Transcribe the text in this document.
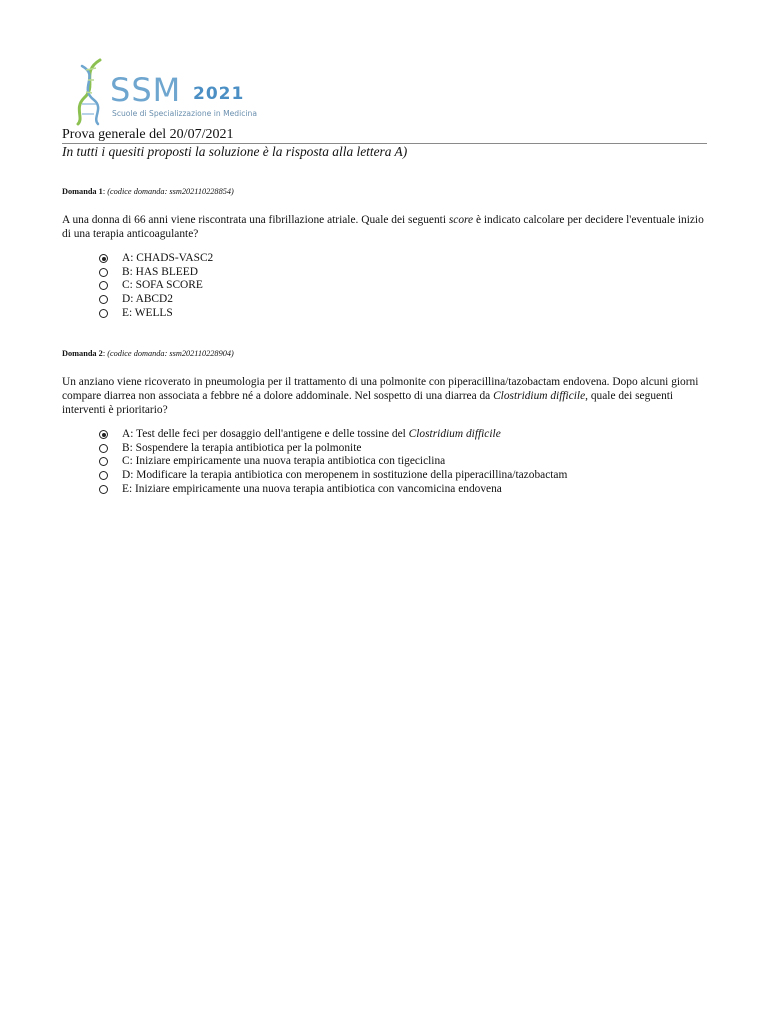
SSM 2021
Scuole di Specializzazione in Medicina
Prova generale del 20/07/2021
In tutti i quesiti proposti la soluzione è la risposta alla lettera A)
Domanda 1: (codice domanda: ssm202110228854)
A una donna di 66 anni viene riscontrata una fibrillazione atriale. Quale dei seguenti score è indicato calcolare per decidere l'eventuale inizio di una terapia anticoagulante?
A: CHADS-VASC2
B: HAS BLEED
C: SOFA SCORE
D: ABCD2
E: WELLS
Domanda 2: (codice domanda: ssm202110228904)
Un anziano viene ricoverato in pneumologia per il trattamento di una polmonite con piperacillina/tazobactam endovena. Dopo alcuni giorni compare diarrea non associata a febbre né a dolore addominale. Nel sospetto di una diarrea da Clostridium difficile, quale dei seguenti interventi è prioritario?
A: Test delle feci per dosaggio dell'antigene e delle tossine del Clostridium difficile
B: Sospendere la terapia antibiotica per la polmonite
C: Iniziare empiricamente una nuova terapia antibiotica con tigeciclina
D: Modificare la terapia antibiotica con meropenem in sostituzione della piperacillina/tazobactam
E: Iniziare empiricamente una nuova terapia antibiotica con vancomicina endovena
